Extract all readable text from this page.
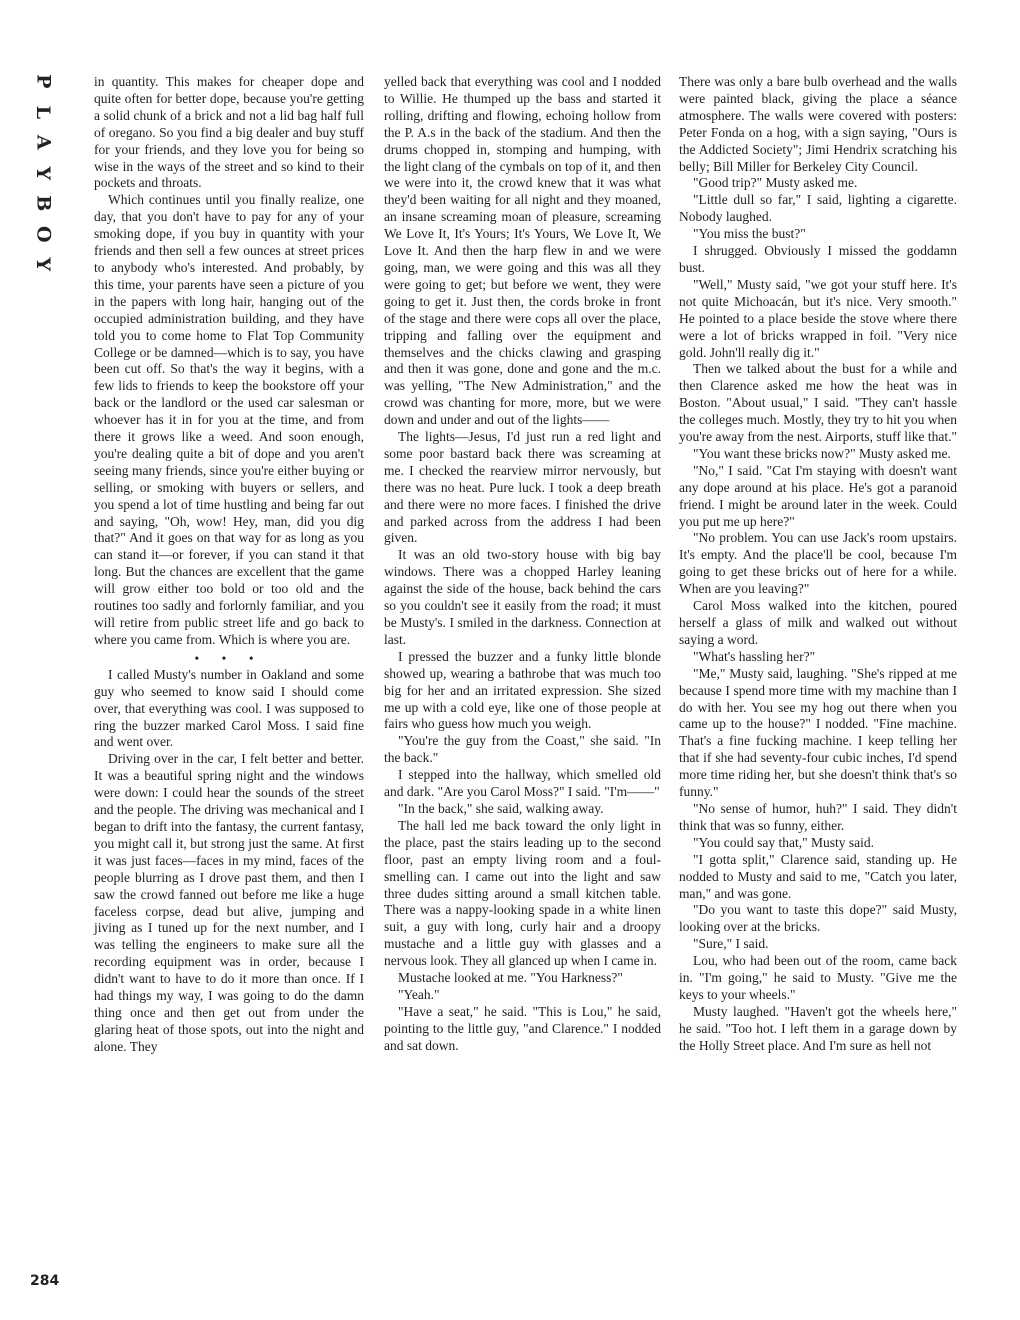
P
L
A
Y
B
O
Y

in quantity. This makes for cheaper dope and quite often for better dope, because you're getting a solid chunk of a brick and not a lid bag half full of oregano. So you find a big dealer and buy stuff for your friends, and they love you for being so wise in the ways of the street and so kind to their pockets and throats.

Which continues until you finally realize, one day, that you don't have to pay for any of your smoking dope, if you buy in quantity with your friends and then sell a few ounces at street prices to anybody who's interested. And probably, by this time, your parents have seen a picture of you in the papers with long hair, hanging out of the occupied administration building, and they have told you to come home to Flat Top Community College or be damned—which is to say, you have been cut off. So that's the way it begins, with a few lids to friends to keep the bookstore off your back or the landlord or the used car salesman or whoever has it in for you at the time, and from there it grows like a weed. And soon enough, you're dealing quite a bit of dope and you aren't seeing many friends, since you're either buying or selling, or smoking with buyers or sellers, and you spend a lot of time hustling and being far out and saying, "Oh, wow! Hey, man, did you dig that?" And it goes on that way for as long as you can stand it—or forever, if you can stand it that long. But the chances are excellent that the game will grow either too bold or too old and the routines too sadly and forlornly familiar, and you will retire from public street life and go back to where you came from. Which is where you are.

• • •

I called Musty's number in Oakland and some guy who seemed to know said I should come over, that everything was cool. I was supposed to ring the buzzer marked Carol Moss. I said fine and went over.

Driving over in the car, I felt better and better. It was a beautiful spring night and the windows were down: I could hear the sounds of the street and the people. The driving was mechanical and I began to drift into the fantasy, the current fantasy, you might call it, but strong just the same. At first it was just faces—faces in my mind, faces of the people blurring as I drove past them, and then I saw the crowd fanned out before me like a huge faceless corpse, dead but alive, jumping and jiving as I tuned up for the next number, and I was telling the engineers to make sure all the recording equipment was in order, because I didn't want to have to do it more than once. If I had things my way, I was going to do the damn thing once and then get out from under the glaring heat of those spots, out into the night and alone. They

yelled back that everything was cool and I nodded to Willie. He thumped up the bass and started it rolling, drifting and flowing, echoing hollow from the P. A.s in the back of the stadium. And then the drums chopped in, stomping and humping, with the light clang of the cymbals on top of it, and then we were into it, the crowd knew that it was what they'd been waiting for all night and they moaned, an insane screaming moan of pleasure, screaming We Love It, It's Yours; It's Yours, We Love It, We Love It. And then the harp flew in and we were going, man, we were going and this was all they were going to get; but before we went, they were going to get it. Just then, the cords broke in front of the stage and there were cops all over the place, tripping and falling over the equipment and themselves and the chicks clawing and grasping and then it was gone, done and gone and the m.c. was yelling, "The New Administration," and the crowd was chanting for more, more, but we were down and under and out of the lights——

The lights—Jesus, I'd just run a red light and some poor bastard back there was screaming at me. I checked the rearview mirror nervously, but there was no heat. Pure luck. I took a deep breath and there were no more faces. I finished the drive and parked across from the address I had been given.

It was an old two-story house with big bay windows. There was a chopped Harley leaning against the side of the house, back behind the cars so you couldn't see it easily from the road; it must be Musty's. I smiled in the darkness. Connection at last.

I pressed the buzzer and a funky little blonde showed up, wearing a bathrobe that was much too big for her and an irritated expression. She sized me up with a cold eye, like one of those people at fairs who guess how much you weigh.

"You're the guy from the Coast," she said. "In the back."

I stepped into the hallway, which smelled old and dark. "Are you Carol Moss?" I said. "I'm——"

"In the back," she said, walking away.

The hall led me back toward the only light in the place, past the stairs leading up to the second floor, past an empty living room and a foul-smelling can. I came out into the light and saw three dudes sitting around a small kitchen table. There was a nappy-looking spade in a white linen suit, a guy with long, curly hair and a droopy mustache and a little guy with glasses and a nervous look. They all glanced up when I came in.

Mustache looked at me. "You Harkness?"

"Yeah."

"Have a seat," he said. "This is Lou," he said, pointing to the little guy, "and Clarence." I nodded and sat down.

There was only a bare bulb overhead and the walls were painted black, giving the place a séance atmosphere. The walls were covered with posters: Peter Fonda on a hog, with a sign saying, "Ours is the Addicted Society"; Jimi Hendrix scratching his belly; Bill Miller for Berkeley City Council.

"Good trip?" Musty asked me.

"Little dull so far," I said, lighting a cigarette. Nobody laughed.

"You miss the bust?"

I shrugged. Obviously I missed the goddamn bust.

"Well," Musty said, "we got your stuff here. It's not quite Michoacán, but it's nice. Very smooth." He pointed to a place beside the stove where there were a lot of bricks wrapped in foil. "Very nice gold. John'll really dig it."

Then we talked about the bust for a while and then Clarence asked me how the heat was in Boston. "About usual," I said. "They can't hassle the colleges much. Mostly, they try to hit you when you're away from the nest. Airports, stuff like that."

"You want these bricks now?" Musty asked me.

"No," I said. "Cat I'm staying with doesn't want any dope around at his place. He's got a paranoid friend. I might be around later in the week. Could you put me up here?"

"No problem. You can use Jack's room upstairs. It's empty. And the place'll be cool, because I'm going to get these bricks out of here for a while. When are you leaving?"

Carol Moss walked into the kitchen, poured herself a glass of milk and walked out without saying a word.

"What's hassling her?"

"Me," Musty said, laughing. "She's ripped at me because I spend more time with my machine than I do with her. You see my hog out there when you came up to the house?" I nodded. "Fine machine. That's a fine fucking machine. I keep telling her that if she had seventy-four cubic inches, I'd spend more time riding her, but she doesn't think that's so funny."

"No sense of humor, huh?" I said. They didn't think that was so funny, either.

"You could say that," Musty said.

"I gotta split," Clarence said, standing up. He nodded to Musty and said to me, "Catch you later, man," and was gone.

"Do you want to taste this dope?" said Musty, looking over at the bricks.

"Sure," I said.

Lou, who had been out of the room, came back in. "I'm going," he said to Musty. "Give me the keys to your wheels."

Musty laughed. "Haven't got the wheels here," he said. "Too hot. I left them in a garage down by the Holly Street place. And I'm sure as hell not

284
